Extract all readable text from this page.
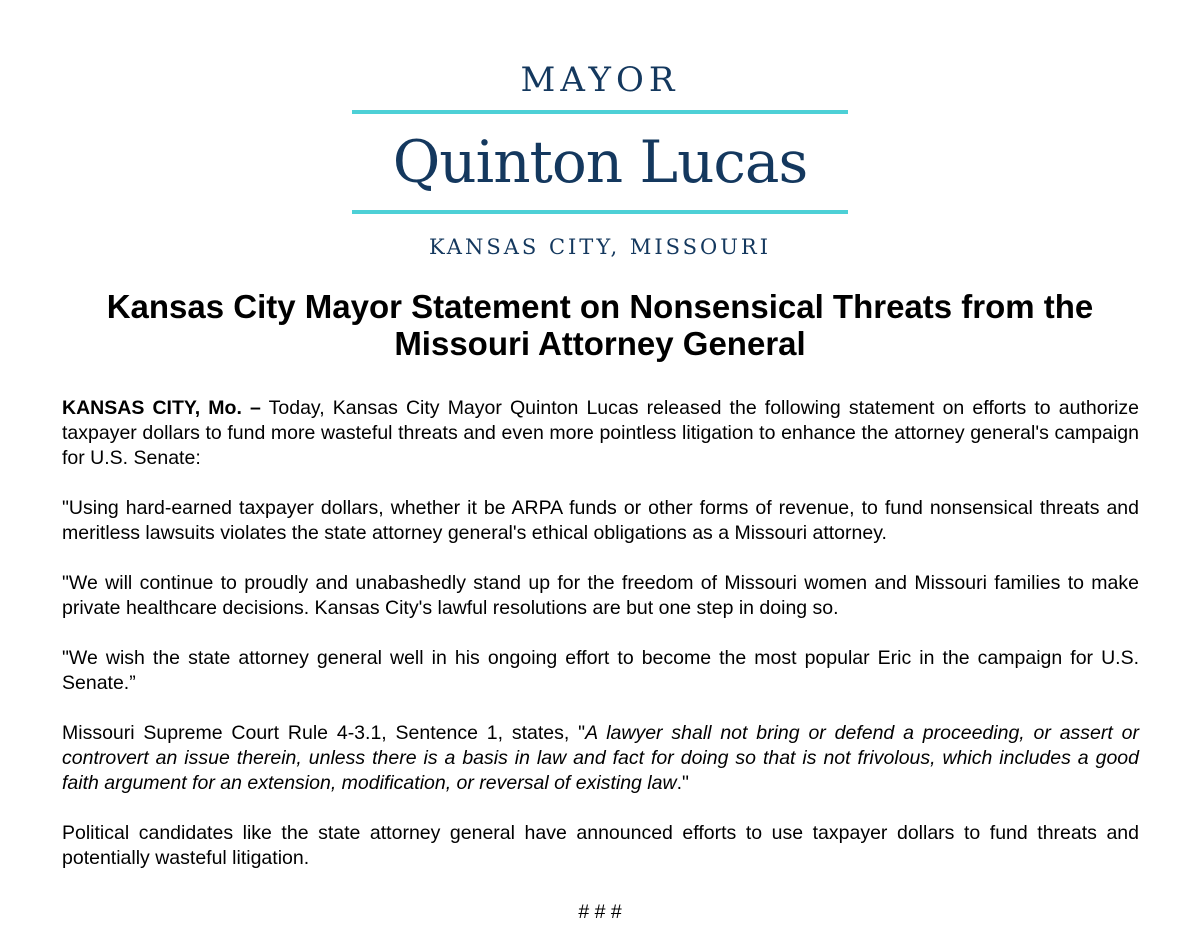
MAYOR
Quinton Lucas
KANSAS CITY, MISSOURI
Kansas City Mayor Statement on Nonsensical Threats from the
Missouri Attorney General

KANSAS CITY, Mo. – Today, Kansas City Mayor Quinton Lucas released the following statement on efforts to authorize taxpayer dollars to fund more wasteful threats and even more pointless litigation to enhance the attorney general's campaign for U.S. Senate:

"Using hard-earned taxpayer dollars, whether it be ARPA funds or other forms of revenue, to fund nonsensical threats and meritless lawsuits violates the state attorney general's ethical obligations as a Missouri attorney.

"We will continue to proudly and unabashedly stand up for the freedom of Missouri women and Missouri families to make private healthcare decisions. Kansas City's lawful resolutions are but one step in doing so.

"We wish the state attorney general well in his ongoing effort to become the most popular Eric in the campaign for U.S. Senate.”

Missouri Supreme Court Rule 4-3.1, Sentence 1, states, "A lawyer shall not bring or defend a proceeding, or assert or controvert an issue therein, unless there is a basis in law and fact for doing so that is not frivolous, which includes a good faith argument for an extension, modification, or reversal of existing law."

Political candidates like the state attorney general have announced efforts to use taxpayer dollars to fund threats and potentially wasteful litigation.

# # #
